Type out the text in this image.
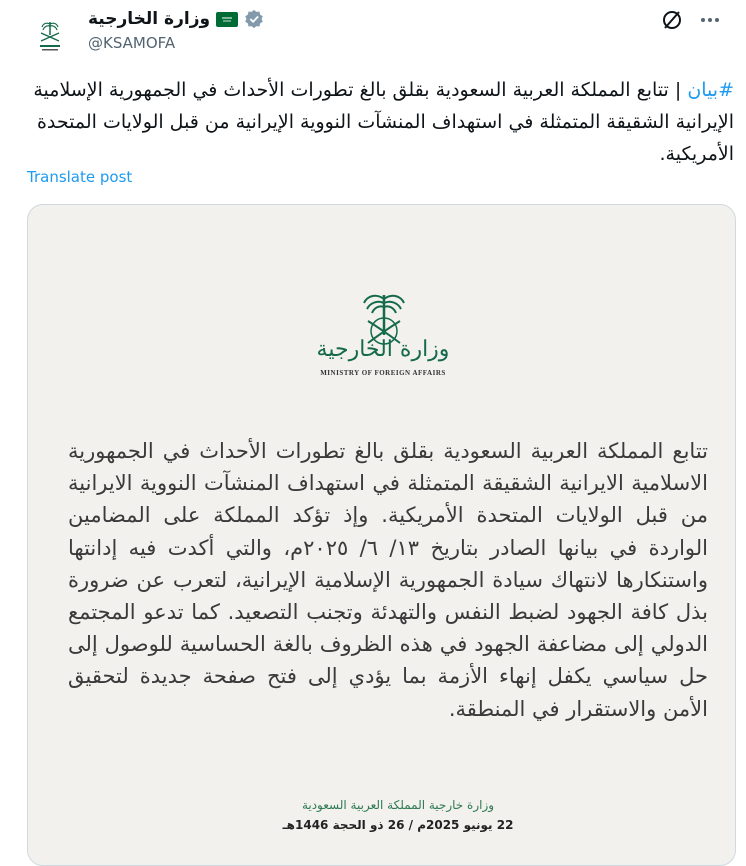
وزارة الخارجية
@KSAMOFA
#بيان | تتابع المملكة العربية السعودية بقلق بالغ تطورات الأحداث في الجمهورية الإسلامية الإيرانية الشقيقة المتمثلة في استهداف المنشآت النووية الإيرانية من قبل الولايات المتحدة الأمريكية.
Translate post
وزارة الخارجية
MINISTRY OF FOREIGN AFFAIRS
تتابع المملكة العربية السعودية بقلق بالغ تطورات الأحداث في الجمهورية الاسلامية الايرانية الشقيقة المتمثلة في استهداف المنشآت النووية الايرانية من قبل الولايات المتحدة الأمريكية. وإذ تؤكد المملكة على المضامين الواردة في بيانها الصادر بتاريخ ١٣/ ٦/ ٢٠٢٥م، والتي أكدت فيه إدانتها واستنكارها لانتهاك سيادة الجمهورية الإسلامية الإيرانية، لتعرب عن ضرورة بذل كافة الجهود لضبط النفس والتهدئة وتجنب التصعيد. كما تدعو المجتمع الدولي إلى مضاعفة الجهود في هذه الظروف بالغة الحساسية للوصول إلى حل سياسي يكفل إنهاء الأزمة بما يؤدي إلى فتح صفحة جديدة لتحقيق الأمن والاستقرار في المنطقة.
وزارة خارجية المملكة العربية السعودية
22 يونيو 2025م / 26 ذو الحجة 1446هـ
